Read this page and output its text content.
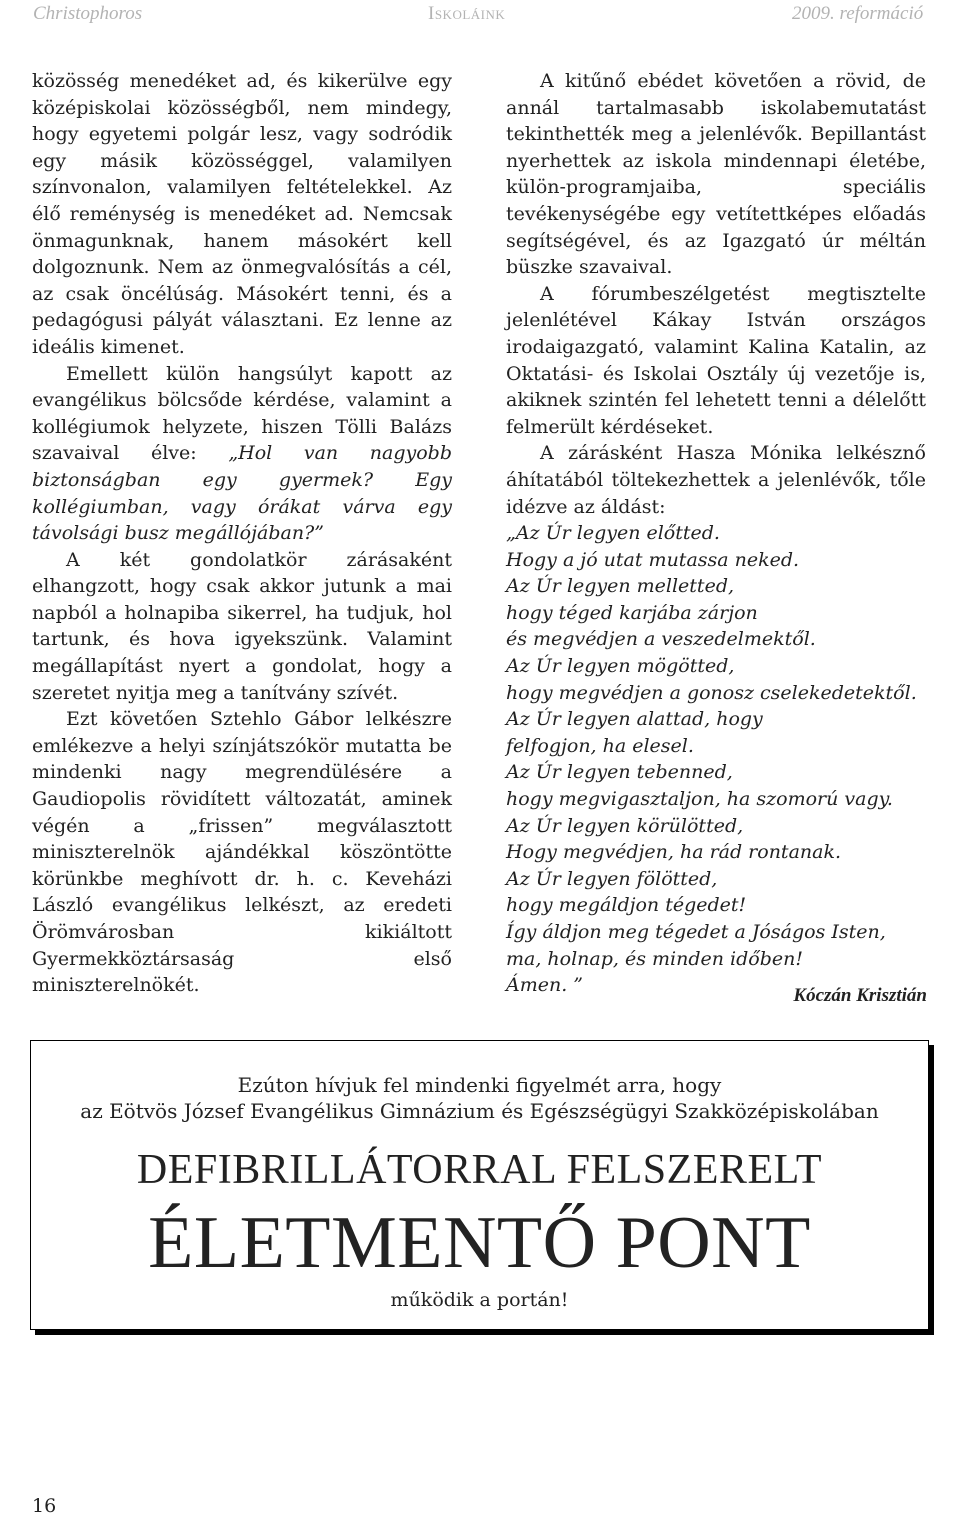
Christophoros	Iskoláink	2009. reformáció

közösség menedéket ad, és kikerülve egy középiskolai közösségből, nem mindegy, hogy egyetemi polgár lesz, vagy sodródik egy másik közösséggel, valamilyen színvonalon, valamilyen feltételekkel. Az élő reménység is menedéket ad. Nemcsak önmagunknak, hanem másokért kell dolgoznunk. Nem az önmegvalósítás a cél, az csak öncélúság. Másokért tenni, és a pedagógusi pályát választani. Ez lenne az ideális kimenet.

Emellett külön hangsúlyt kapott az evangélikus bölcsőde kérdése, valamint a kollégiumok helyzete, hiszen Tölli Balázs szavaival élve: „Hol van nagyobb biztonságban egy gyermek? Egy kollégiumban, vagy órákat várva egy távolsági busz megállójában?”

A két gondolatkör zárásaként elhangzott, hogy csak akkor jutunk a mai napból a holnapiba sikerrel, ha tudjuk, hol tartunk, és hova igyekszünk. Valamint megállapítást nyert a gondolat, hogy a szeretet nyitja meg a tanítvány szívét.

Ezt követően Sztehlo Gábor lelkészre emlékezve a helyi színjátszókör mutatta be mindenki nagy megrendülésére a Gaudiopolis rövidített változatát, aminek végén a „frissen” megválasztott miniszterelnök ajándékkal köszöntötte körünkbe meghívott dr. h. c. Keveházi László evangélikus lelkészt, az eredeti Örömvárosban kikiáltott Gyermekköztársaság első miniszterelnökét.

A kitűnő ebédet követően a rövid, de annál tartalmasabb iskolabemutatást tekinthették meg a jelenlévők. Bepillantást nyerhettek az iskola mindennapi életébe, külön-programjaiba, speciális tevékenységébe egy vetítettképes előadás segítségével, és az Igazgató úr méltán büszke szavaival.

A fórumbeszélgetést megtisztelte jelenlétével Kákay István országos irodaigazgató, valamint Kalina Katalin, az Oktatási- és Iskolai Osztály új vezetője is, akiknek szintén fel lehetett tenni a délelőtt felmerült kérdéseket.

A zárásként Hasza Mónika lelkésznő áhítatából töltekezhettek a jelenlévők, tőle idézve az áldást:

„Az Úr legyen előtted.
Hogy a jó utat mutassa neked.
Az Úr legyen melletted,
hogy téged karjába zárjon
és megvédjen a veszedelmektől.
Az Úr legyen mögötted,
hogy megvédjen a gonosz cselekedetektől.
Az Úr legyen alattad, hogy
felfogjon, ha elesel.
Az Úr legyen tebenned,
hogy megvigasztaljon, ha szomorú vagy.
Az Úr legyen körülötted,
Hogy megvédjen, ha rád rontanak.
Az Úr legyen fölötted,
hogy megáldjon tégedet!
Így áldjon meg tégedet a Jóságos Isten,
ma, holnap, és minden időben!
Ámen. ”	Kóczán Krisztián
Ezúton hívjuk fel mindenki figyelmét arra, hogy
az Eötvös József Evangélikus Gimnázium és Egészségügyi Szakközépiskolában
DEFIBRILLÁTORRAL FELSZERELT
ÉLETMENTŐ PONT
működik a portán!
16
